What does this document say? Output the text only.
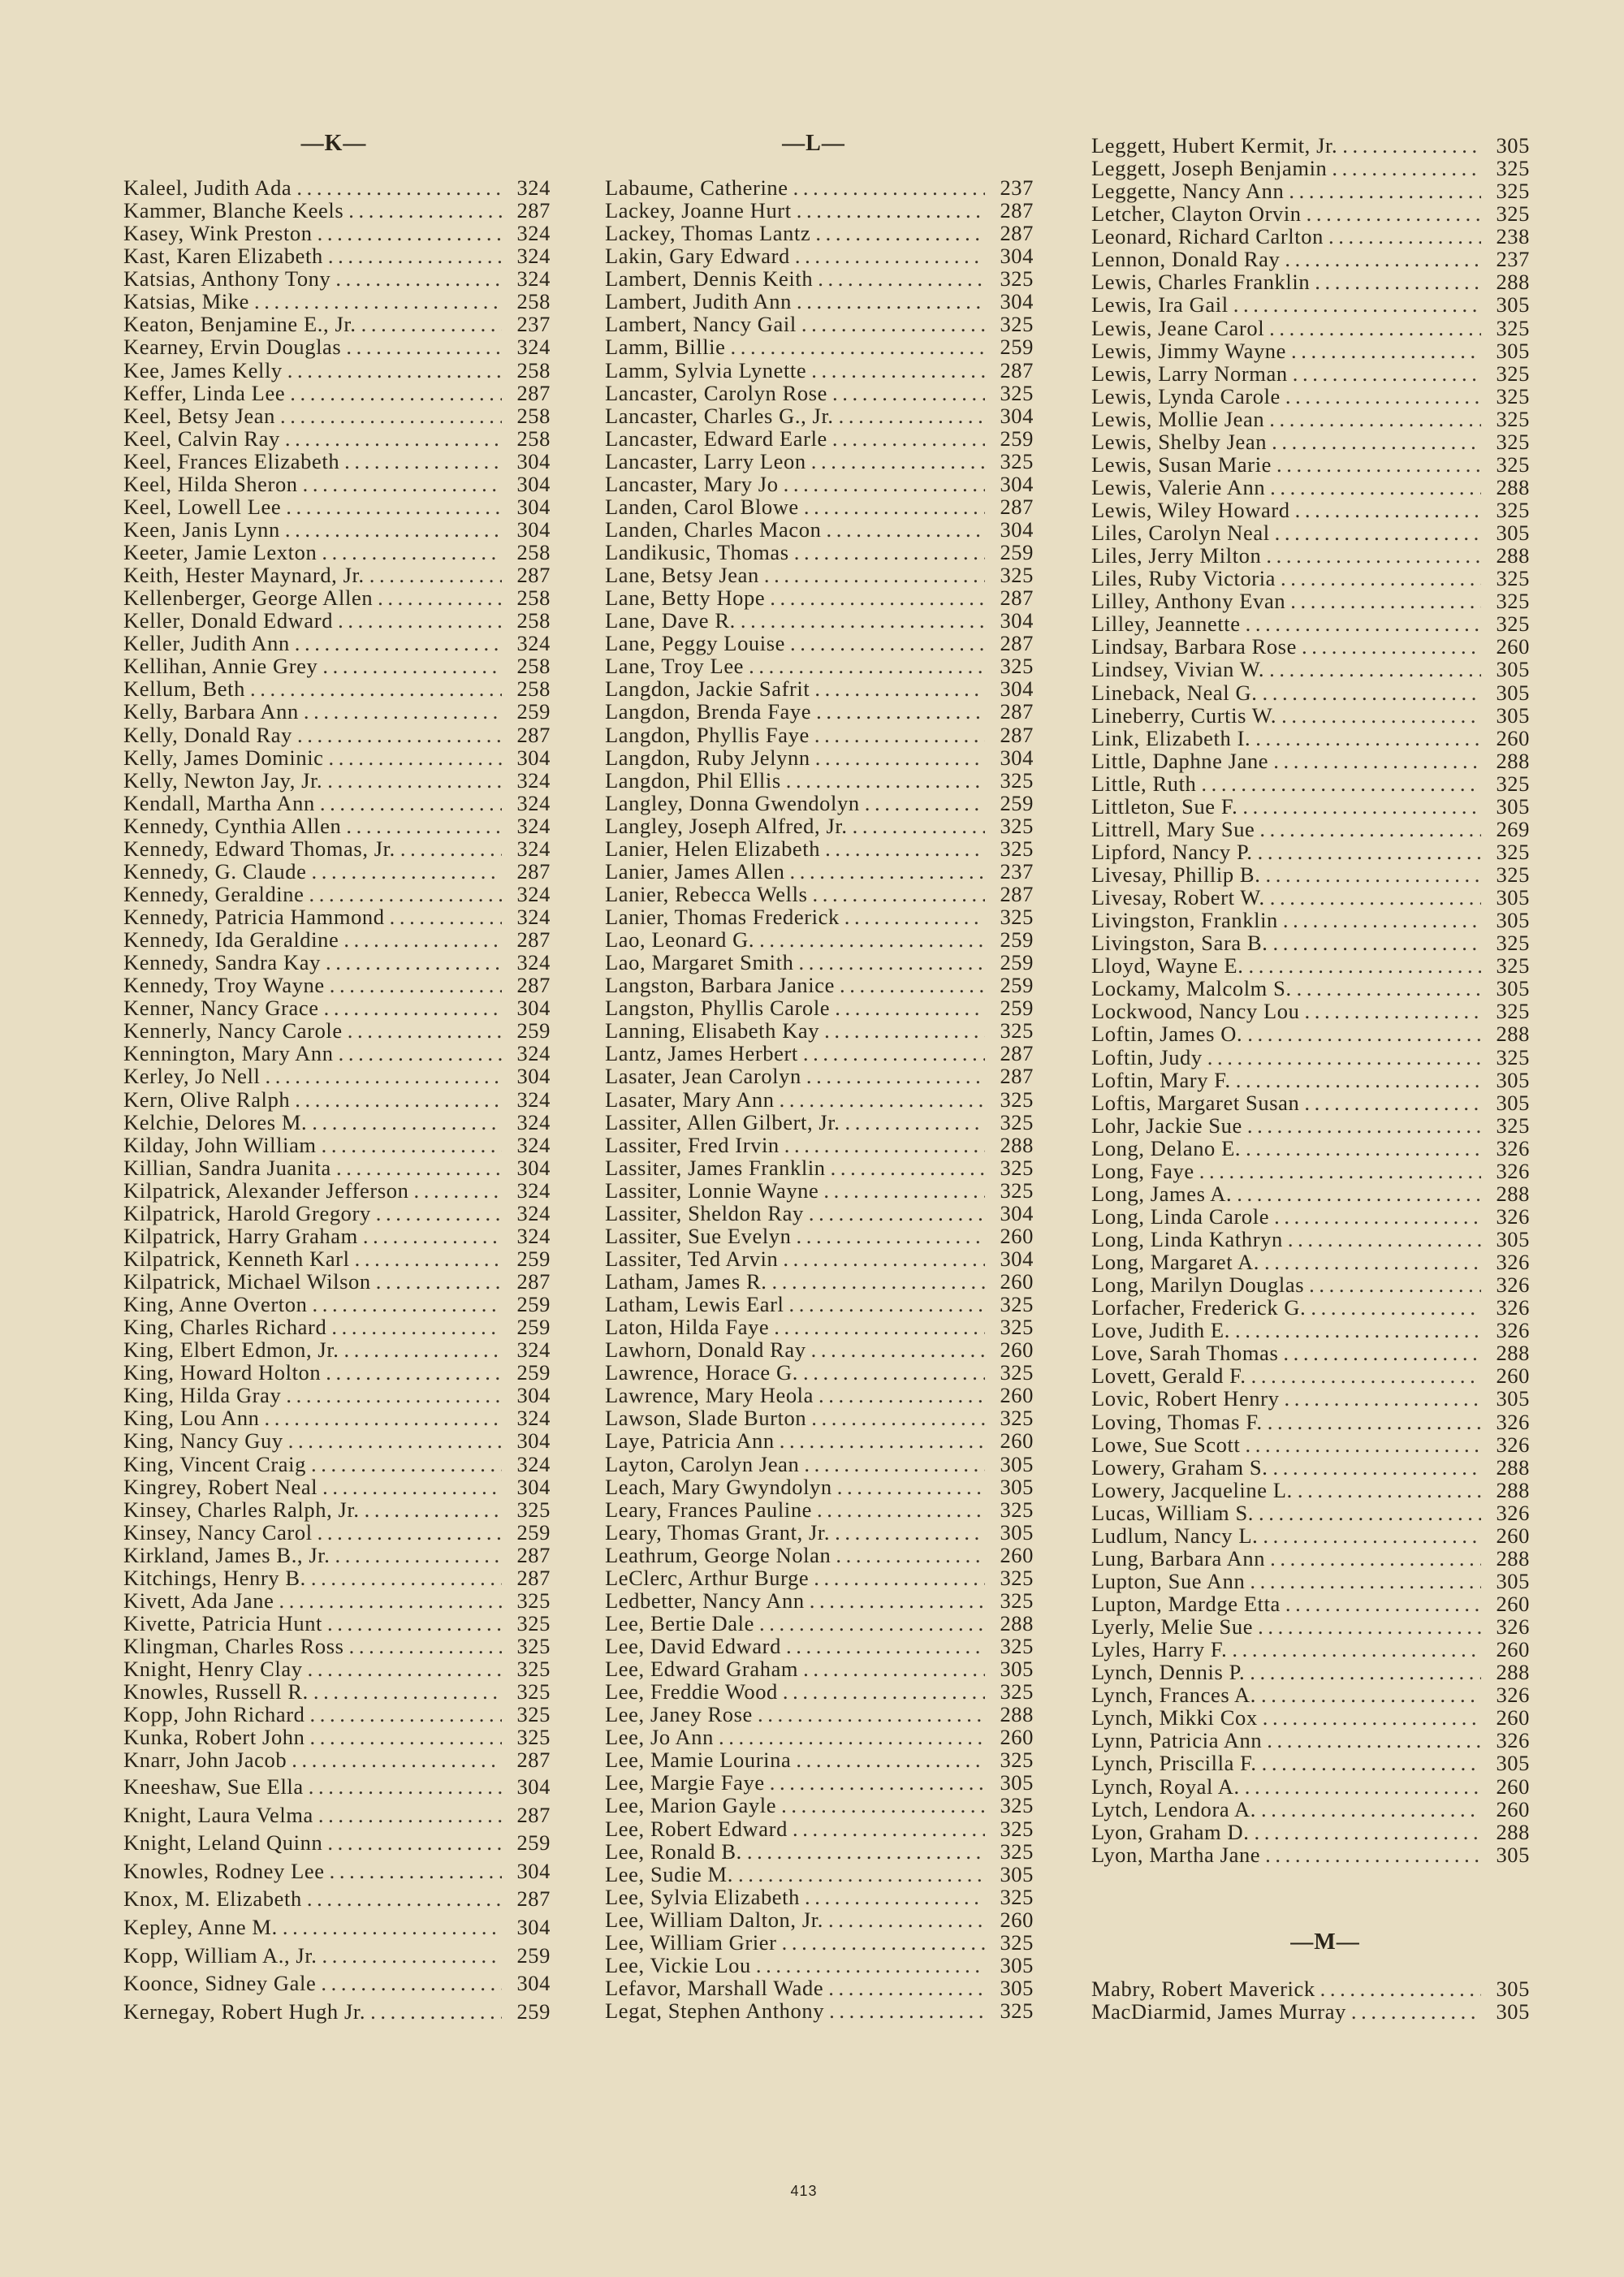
—K—	—L—
—M—
Kaleel, Judith Ada . . .	324
Kammer, Blanche Keels . . .	287
Kasey, Wink Preston . . .	324
Kast, Karen Elizabeth . . .	324
Katsias, Anthony Tony . . .	324
Katsias, Mike . . .	258
Keaton, Benjamine E., Jr. . . .	237
Kearney, Ervin Douglas . . .	324
Kee, James Kelly . . .	258
Keffer, Linda Lee . . .	287
Keel, Betsy Jean . . .	258
Keel, Calvin Ray . . .	258
Keel, Frances Elizabeth . . .	304
Keel, Hilda Sheron . . .	304
Keel, Lowell Lee . . .	304
Keen, Janis Lynn . . .	304
Keeter, Jamie Lexton . . .	258
Keith, Hester Maynard, Jr. . . .	287
Kellenberger, George Allen . . .	258
Keller, Donald Edward . . .	258
Keller, Judith Ann . . .	324
Kellihan, Annie Grey . . .	258
Kellum, Beth . . .	258
Kelly, Barbara Ann . . .	259
Kelly, Donald Ray . . .	287
Kelly, James Dominic . . .	304
Kelly, Newton Jay, Jr. . . .	324
Kendall, Martha Ann . . .	324
Kennedy, Cynthia Allen . . .	324
Kennedy, Edward Thomas, Jr. . . .	324
Kennedy, G. Claude . . .	287
Kennedy, Geraldine . . .	324
Kennedy, Patricia Hammond . . .	324
Kennedy, Ida Geraldine . . .	287
Kennedy, Sandra Kay . . .	324
Kennedy, Troy Wayne . . .	287
Kenner, Nancy Grace . . .	304
Kennerly, Nancy Carole . . .	259
Kennington, Mary Ann . . .	324
Kerley, Jo Nell . . .	304
Kern, Olive Ralph . . .	324
Kelchie, Delores M. . . .	324
Kilday, John William . . .	324
Killian, Sandra Juanita . . .	304
Kilpatrick, Alexander Jefferson . . .	324
Kilpatrick, Harold Gregory . . .	324
Kilpatrick, Harry Graham . . .	324
Kilpatrick, Kenneth Karl . . .	259
Kilpatrick, Michael Wilson . . .	287
King, Anne Overton . . .	259
King, Charles Richard . . .	259
King, Elbert Edmon, Jr. . . .	324
King, Howard Holton . . .	259
King, Hilda Gray . . .	304
King, Lou Ann . . .	324
King, Nancy Guy . . .	304
King, Vincent Craig . . .	324
Kingrey, Robert Neal . . .	304
Kinsey, Charles Ralph, Jr. . . .	325
Kinsey, Nancy Carol . . .	259
Kirkland, James B., Jr. . . .	287
Kitchings, Henry B. . . .	287
Kivett, Ada Jane . . .	325
Kivette, Patricia Hunt . . .	325
Klingman, Charles Ross . . .	325
Knight, Henry Clay . . .	325
Knowles, Russell R. . . .	325
Kopp, John Richard . . .	325
Kunka, Robert John . . .	325
Knarr, John Jacob . . .	287
Kneeshaw, Sue Ella . . .	304
Knight, Laura Velma . . .	287
Knight, Leland Quinn . . .	259
Knowles, Rodney Lee . . .	304
Knox, M. Elizabeth . . .	287
Kepley, Anne M. . . .	304
Kopp, William A., Jr. . . .	259
Koonce, Sidney Gale . . .	304
Kernegay, Robert Hugh Jr. . . .	259
Labaume, Catherine . . .	237
Lackey, Joanne Hurt . . .	287
Lackey, Thomas Lantz . . .	287
Lakin, Gary Edward . . .	304
Lambert, Dennis Keith . . .	325
Lambert, Judith Ann . . .	304
Lambert, Nancy Gail . . .	325
Lamm, Billie . . .	259
Lamm, Sylvia Lynette . . .	287
Lancaster, Carolyn Rose . . .	325
Lancaster, Charles G., Jr. . . .	304
Lancaster, Edward Earle . . .	259
Lancaster, Larry Leon . . .	325
Lancaster, Mary Jo . . .	304
Landen, Carol Blowe . . .	287
Landen, Charles Macon . . .	304
Landikusic, Thomas . . .	259
Lane, Betsy Jean . . .	325
Lane, Betty Hope . . .	287
Lane, Dave R. . . .	304
Lane, Peggy Louise . . .	287
Lane, Troy Lee . . .	325
Langdon, Jackie Safrit . . .	304
Langdon, Brenda Faye . . .	287
Langdon, Phyllis Faye . . .	287
Langdon, Ruby Jelynn . . .	304
Langdon, Phil Ellis . . .	325
Langley, Donna Gwendolyn . . .	259
Langley, Joseph Alfred, Jr. . . .	325
Lanier, Helen Elizabeth . . .	325
Lanier, James Allen . . .	237
Lanier, Rebecca Wells . . .	287
Lanier, Thomas Frederick . . .	325
Lao, Leonard G. . . .	259
Lao, Margaret Smith . . .	259
Langston, Barbara Janice . . .	259
Langston, Phyllis Carole . . .	259
Lanning, Elisabeth Kay . . .	325
Lantz, James Herbert . . .	287
Lasater, Jean Carolyn . . .	287
Lasater, Mary Ann . . .	325
Lassiter, Allen Gilbert, Jr. . . .	325
Lassiter, Fred Irvin . . .	288
Lassiter, James Franklin . . .	325
Lassiter, Lonnie Wayne . . .	325
Lassiter, Sheldon Ray . . .	304
Lassiter, Sue Evelyn . . .	260
Lassiter, Ted Arvin . . .	304
Latham, James R. . . .	260
Latham, Lewis Earl . . .	325
Laton, Hilda Faye . . .	325
Lawhorn, Donald Ray . . .	260
Lawrence, Horace G. . . .	325
Lawrence, Mary Heola . . .	260
Lawson, Slade Burton . . .	325
Laye, Patricia Ann . . .	260
Layton, Carolyn Jean . . .	305
Leach, Mary Gwyndolyn . . .	305
Leary, Frances Pauline . . .	325
Leary, Thomas Grant, Jr. . . .	305
Leathrum, George Nolan . . .	260
LeClerc, Arthur Burge . . .	325
Ledbetter, Nancy Ann . . .	325
Lee, Bertie Dale . . .	288
Lee, David Edward . . .	325
Lee, Edward Graham . . .	305
Lee, Freddie Wood . . .	325
Lee, Janey Rose . . .	288
Lee, Jo Ann . . .	260
Lee, Mamie Lourina . . .	325
Lee, Margie Faye . . .	305
Lee, Marion Gayle . . .	325
Lee, Robert Edward . . .	325
Lee, Ronald B. . . .	325
Lee, Sudie M. . . .	305
Lee, Sylvia Elizabeth . . .	325
Lee, William Dalton, Jr. . . .	260
Lee, William Grier . . .	325
Lee, Vickie Lou . . .	305
Lefavor, Marshall Wade . . .	305
Legat, Stephen Anthony . . .	325
Leggett, Hubert Kermit, Jr. . . .	305
Leggett, Joseph Benjamin . . .	325
Leggette, Nancy Ann . . .	325
Letcher, Clayton Orvin . . .	325
Leonard, Richard Carlton . . .	238
Lennon, Donald Ray . . .	237
Lewis, Charles Franklin . . .	288
Lewis, Ira Gail . . .	305
Lewis, Jeane Carol . . .	325
Lewis, Jimmy Wayne . . .	305
Lewis, Larry Norman . . .	325
Lewis, Lynda Carole . . .	325
Lewis, Mollie Jean . . .	325
Lewis, Shelby Jean . . .	325
Lewis, Susan Marie . . .	325
Lewis, Valerie Ann . . .	288
Lewis, Wiley Howard . . .	325
Liles, Carolyn Neal . . .	305
Liles, Jerry Milton . . .	288
Liles, Ruby Victoria . . .	325
Lilley, Anthony Evan . . .	325
Lilley, Jeannette . . .	325
Lindsay, Barbara Rose . . .	260
Lindsey, Vivian W. . . .	305
Lineback, Neal G. . . .	305
Lineberry, Curtis W. . . .	305
Link, Elizabeth I. . . .	260
Little, Daphne Jane . . .	288
Little, Ruth . . .	325
Littleton, Sue F. . . .	305
Littrell, Mary Sue . . .	269
Lipford, Nancy P. . . .	325
Livesay, Phillip B. . . .	325
Livesay, Robert W. . . .	305
Livingston, Franklin . . .	305
Livingston, Sara B. . . .	325
Lloyd, Wayne E. . . .	325
Lockamy, Malcolm S. . . .	305
Lockwood, Nancy Lou . . .	325
Loftin, James O. . . .	288
Loftin, Judy . . .	325
Loftin, Mary F. . . .	305
Loftis, Margaret Susan . . .	305
Lohr, Jackie Sue . . .	325
Long, Delano E. . . .	326
Long, Faye . . .	326
Long, James A. . . .	288
Long, Linda Carole . . .	326
Long, Linda Kathryn . . .	305
Long, Margaret A. . . .	326
Long, Marilyn Douglas . . .	326
Lorfacher, Frederick G. . . .	326
Love, Judith E. . . .	326
Love, Sarah Thomas . . .	288
Lovett, Gerald F. . . .	260
Lovic, Robert Henry . . .	305
Loving, Thomas F. . . .	326
Lowe, Sue Scott . . .	326
Lowery, Graham S. . . .	288
Lowery, Jacqueline L. . . .	288
Lucas, William S. . . .	326
Ludlum, Nancy L. . . .	260
Lung, Barbara Ann . . .	288
Lupton, Sue Ann . . .	305
Lupton, Mardge Etta . . .	260
Lyerly, Melie Sue . . .	326
Lyles, Harry F. . . .	260
Lynch, Dennis P. . . .	288
Lynch, Frances A. . . .	326
Lynch, Mikki Cox . . .	260
Lynn, Patricia Ann . . .	326
Lynch, Priscilla F. . . .	305
Lynch, Royal A. . . .	260
Lytch, Lendora A. . . .	260
Lyon, Graham D. . . .	288
Lyon, Martha Jane . . .	305
Mabry, Robert Maverick . . .	305
MacDiarmid, James Murray . . .	305
413
